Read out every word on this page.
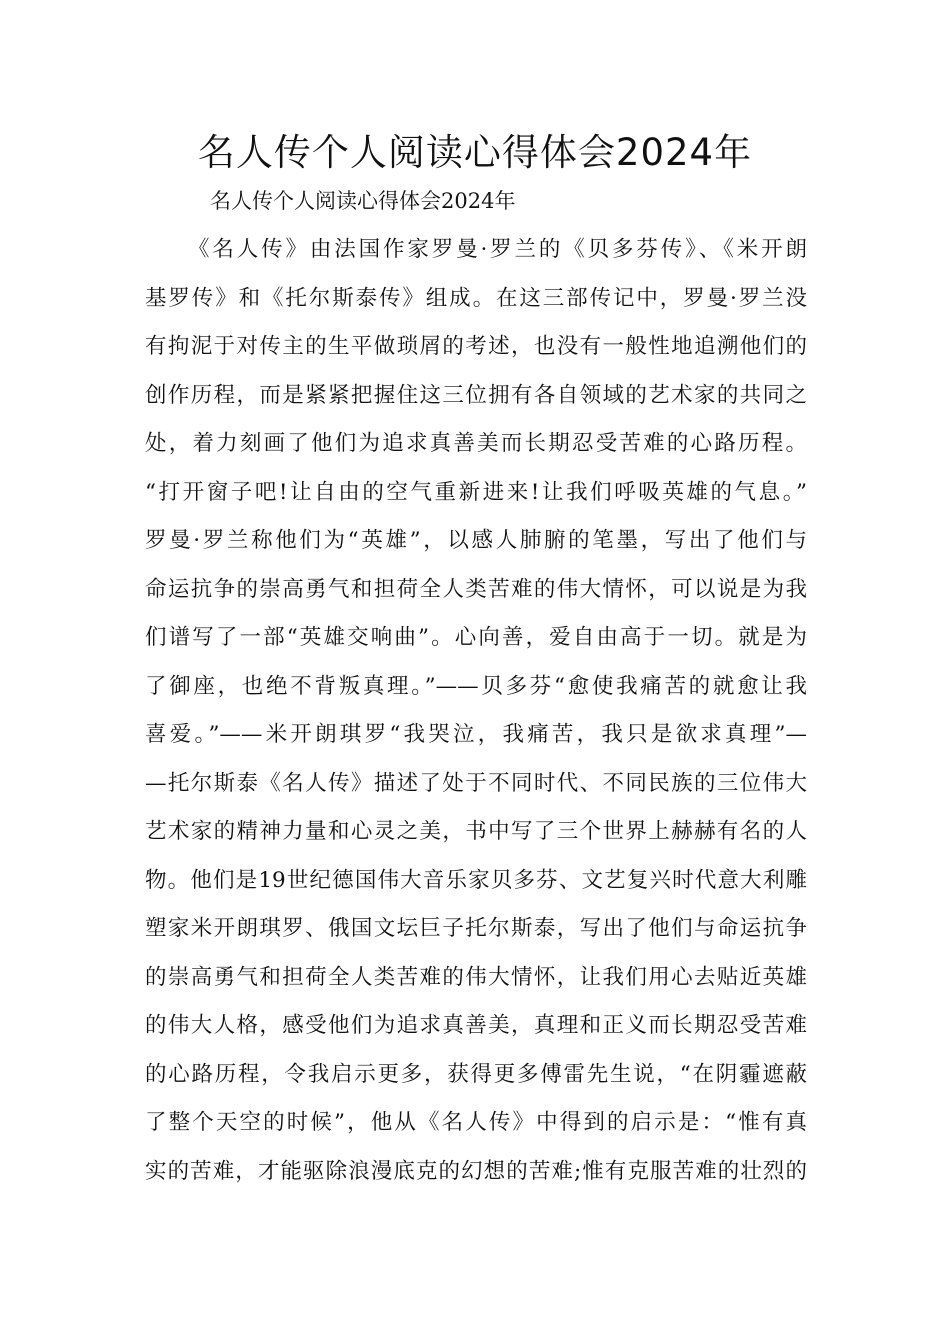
名人传个人阅读心得体会2024年

名人传个人阅读心得体会2024年

《名人传》由法国作家罗曼·罗兰的《贝多芬传》、《米开朗
基罗传》和《托尔斯泰传》组成。在这三部传记中，罗曼·罗兰没
有拘泥于对传主的生平做琐屑的考述，也没有一般性地追溯他们的
创作历程，而是紧紧把握住这三位拥有各自领域的艺术家的共同之
处，着力刻画了他们为追求真善美而长期忍受苦难的心路历程。
“打开窗子吧!让自由的空气重新进来!让我们呼吸英雄的气息。”
罗曼·罗兰称他们为“英雄”，以感人肺腑的笔墨，写出了他们与
命运抗争的崇高勇气和担荷全人类苦难的伟大情怀，可以说是为我
们谱写了一部“英雄交响曲”。心向善，爱自由高于一切。就是为
了御座，也绝不背叛真理。”——贝多芬“愈使我痛苦的就愈让我
喜爱。”——米开朗琪罗“我哭泣，我痛苦，我只是欲求真理”—
—托尔斯泰《名人传》描述了处于不同时代、不同民族的三位伟大
艺术家的精神力量和心灵之美，书中写了三个世界上赫赫有名的人
物。他们是19世纪德国伟大音乐家贝多芬、文艺复兴时代意大利雕
塑家米开朗琪罗、俄国文坛巨子托尔斯泰，写出了他们与命运抗争
的崇高勇气和担荷全人类苦难的伟大情怀，让我们用心去贴近英雄
的伟大人格，感受他们为追求真善美，真理和正义而长期忍受苦难
的心路历程，令我启示更多，获得更多傅雷先生说，“在阴霾遮蔽
了整个天空的时候”，他从《名人传》中得到的启示是：“惟有真
实的苦难，才能驱除浪漫底克的幻想的苦难;惟有克服苦难的壮烈的
